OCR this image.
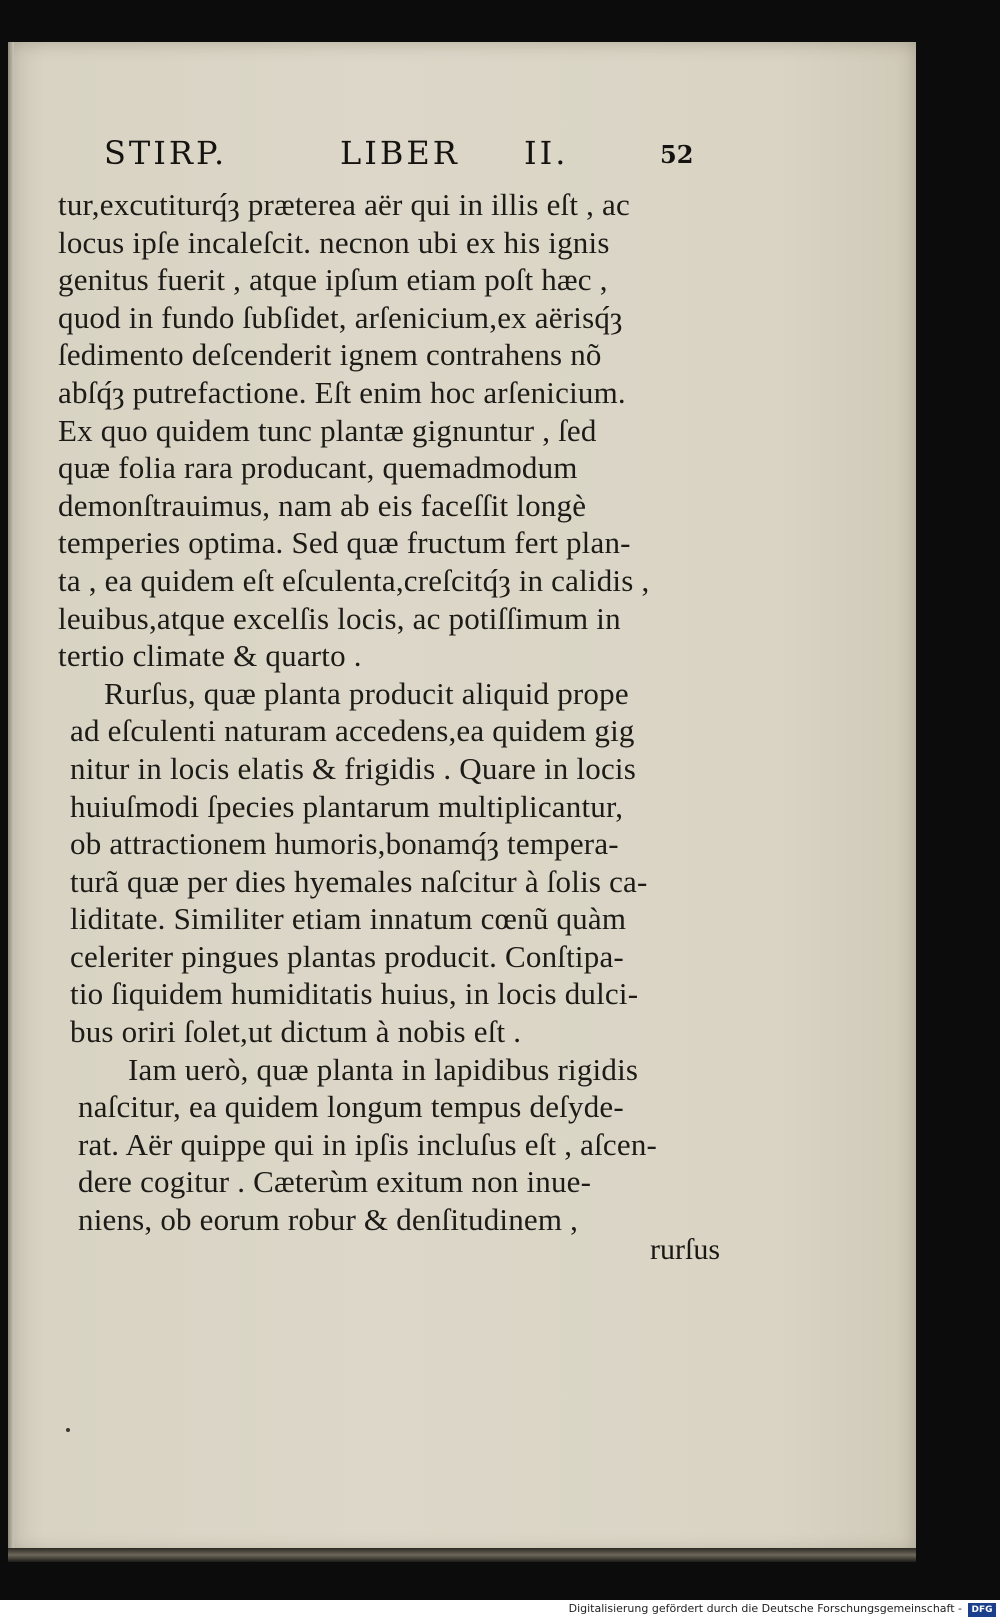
STIRP.	LIBER II.	52
tur,excutiturq́ȝ præterea aër qui in illis eſt , ac
locus ipſe incaleſcit. necnon ubi ex his ignis
genitus fuerit , atque ipſum etiam poſt hæc ,
quod in fundo ſubſidet, arſenicium,ex aërisq́ȝ
ſedimento deſcenderit ignem contrahens nõ
abſq́ȝ putrefactione. Eſt enim hoc arſenicium.
Ex quo quidem tunc plantæ gignuntur , ſed
quæ folia rara producant, quemadmodum
demonſtrauimus, nam ab eis faceſſit longè
temperies optima. Sed quæ fructum fert plan-
ta , ea quidem eſt eſculenta,creſcitq́ȝ in calidis ,
leuibus,atque excelſis locis, ac potiſſimum in
tertio climate & quarto .
Rurſus, quæ planta producit aliquid prope
ad eſculenti naturam accedens,ea quidem gig
nitur in locis elatis & frigidis . Quare in locis
huiuſmodi ſpecies plantarum multiplicantur,
ob attractionem humoris,bonamq́ȝ tempera-
turã quæ per dies hyemales naſcitur à ſolis ca-
liditate. Similiter etiam innatum cœnũ quàm
celeriter pingues plantas producit. Conſtipa-
tio ſiquidem humiditatis huius, in locis dulci-
bus oriri ſolet,ut dictum à nobis eſt .
Iam uerò, quæ planta in lapidibus rigidis
naſcitur, ea quidem longum tempus deſyde-
rat. Aër quippe qui in ipſis incluſus eſt , aſcen-
dere cogitur . Cæterùm exitum non inue-
niens, ob eorum robur & denſitudinem ,
rurſus
Digitalisierung gefördert durch die Deutsche Forschungsgemeinschaft -	DFG
